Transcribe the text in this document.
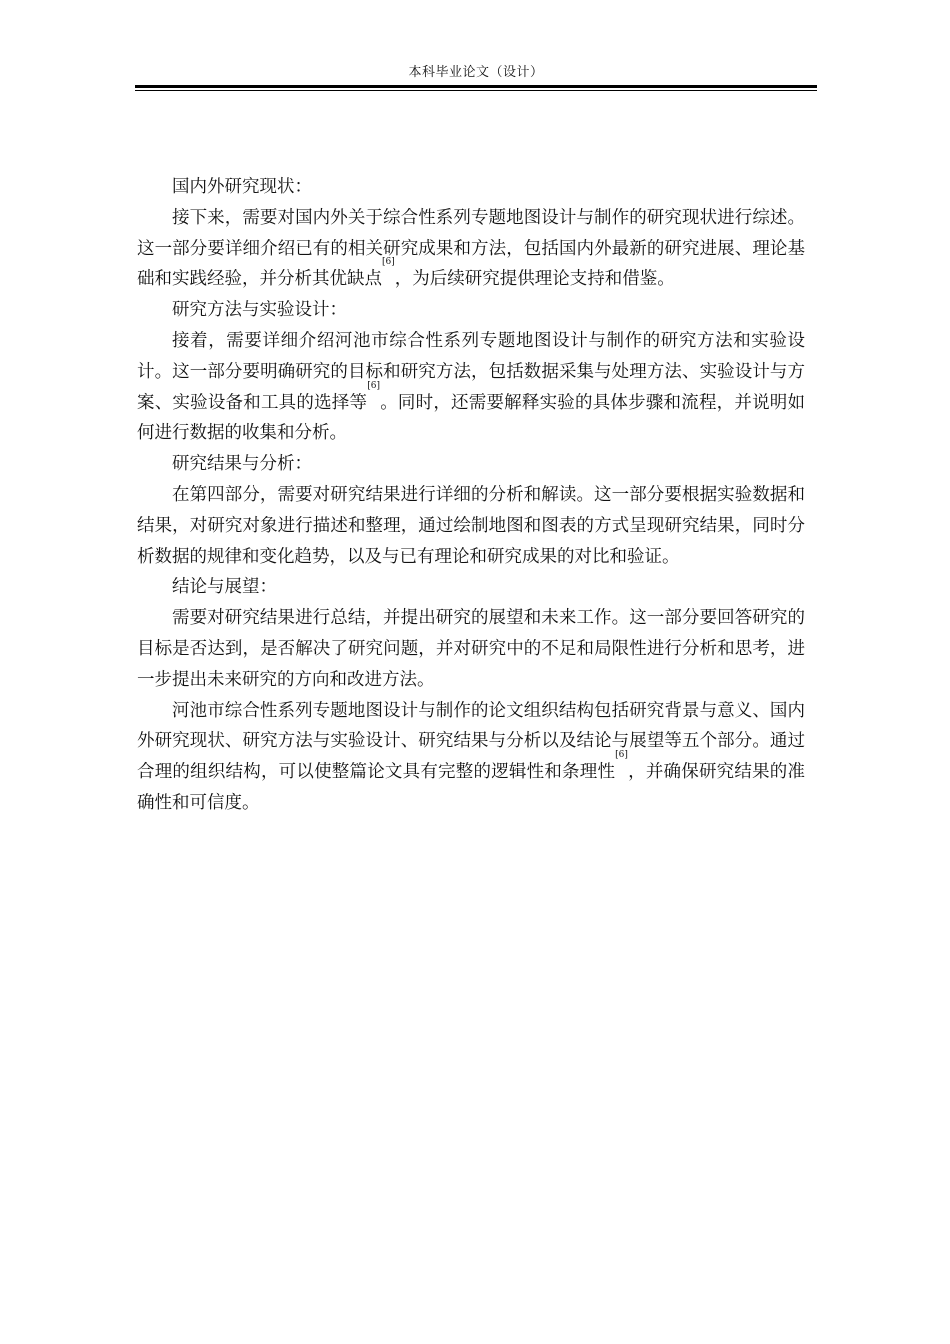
本科毕业论文（设计）

国内外研究现状：

接下来，需要对国内外关于综合性系列专题地图设计与制作的研究现状进行综述。这一部分要详细介绍已有的相关研究成果和方法，包括国内外最新的研究进展、理论基础和实践经验，并分析其优缺点[6]，为后续研究提供理论支持和借鉴。

研究方法与实验设计：

接着，需要详细介绍河池市综合性系列专题地图设计与制作的研究方法和实验设计。这一部分要明确研究的目标和研究方法，包括数据采集与处理方法、实验设计与方案、实验设备和工具的选择等[6]。同时，还需要解释实验的具体步骤和流程，并说明如何进行数据的收集和分析。

研究结果与分析：

在第四部分，需要对研究结果进行详细的分析和解读。这一部分要根据实验数据和结果，对研究对象进行描述和整理，通过绘制地图和图表的方式呈现研究结果，同时分析数据的规律和变化趋势，以及与已有理论和研究成果的对比和验证。

结论与展望：

需要对研究结果进行总结，并提出研究的展望和未来工作。这一部分要回答研究的目标是否达到，是否解决了研究问题，并对研究中的不足和局限性进行分析和思考，进一步提出未来研究的方向和改进方法。

河池市综合性系列专题地图设计与制作的论文组织结构包括研究背景与意义、国内外研究现状、研究方法与实验设计、研究结果与分析以及结论与展望等五个部分。通过合理的组织结构，可以使整篇论文具有完整的逻辑性和条理性[6]，并确保研究结果的准确性和可信度。
